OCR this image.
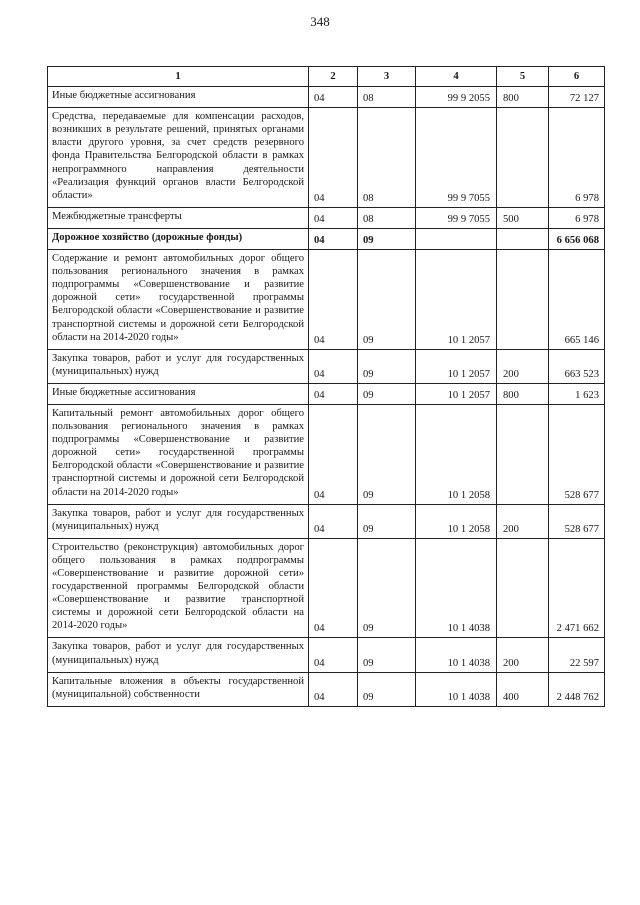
348
1	2	3	4	5	6
Иные бюджетные ассигнования	04	08	99 9 2055	800	72 127
Средства, передаваемые для компенсации расходов, возникших в результате решений, принятых органами власти другого уровня, за счет средств резервного фонда Правительства Белгородской области в рамках непрограммного направления деятельности «Реализация функций органов власти Белгородской области»	04	08	99 9 7055		6 978
Межбюджетные трансферты	04	08	99 9 7055	500	6 978
Дорожное хозяйство (дорожные фонды)	04	09			6 656 068
Содержание и ремонт автомобильных дорог общего пользования регионального значения в рамках подпрограммы «Совершенствование и развитие дорожной сети» государственной программы Белгородской области «Совершенствование и развитие транспортной системы и дорожной сети Белгородской области на 2014-2020 годы»	04	09	10 1 2057		665 146
Закупка товаров, работ и услуг для государственных (муниципальных) нужд	04	09	10 1 2057	200	663 523
Иные бюджетные ассигнования	04	09	10 1 2057	800	1 623
Капитальный ремонт автомобильных дорог общего пользования регионального значения в рамках подпрограммы «Совершенствование и развитие дорожной сети» государственной программы Белгородской области «Совершенствование и развитие транспортной системы и дорожной сети Белгородской области на 2014-2020 годы»	04	09	10 1 2058		528 677
Закупка товаров, работ и услуг для государственных (муниципальных) нужд	04	09	10 1 2058	200	528 677
Строительство (реконструкция) автомобильных дорог общего пользования в рамках подпрограммы «Совершенствование и развитие дорожной сети» государственной программы Белгородской области «Совершенствование и развитие транспортной системы и дорожной сети Белгородской области на 2014-2020 годы»	04	09	10 1 4038		2 471 662
Закупка товаров, работ и услуг для государственных (муниципальных) нужд	04	09	10 1 4038	200	22 597
Капитальные вложения в объекты государственной (муниципальной) собственности	04	09	10 1 4038	400	2 448 762
